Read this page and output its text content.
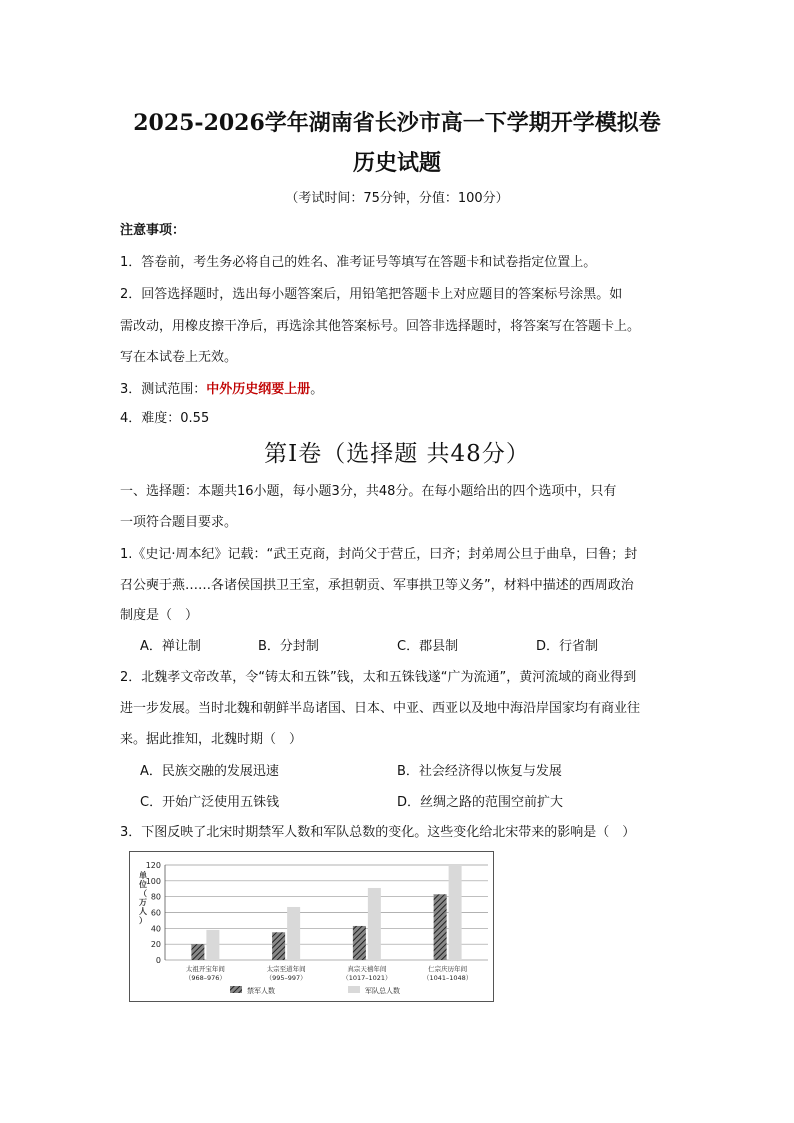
2025-2026学年湖南省长沙市高一下学期开学模拟卷
历史试题
（考试时间：75分钟，分值：100分）
注意事项：
1．答卷前，考生务必将自己的姓名、准考证号等填写在答题卡和试卷指定位置上。
2．回答选择题时，选出每小题答案后，用铅笔把答题卡上对应题目的答案标号涂黑。如
需改动，用橡皮擦干净后，再选涂其他答案标号。回答非选择题时，将答案写在答题卡上。
写在本试卷上无效。
3．测试范围：中外历史纲要上册。
4．难度：0.55
第Ⅰ卷（选择题 共48分）
一、选择题：本题共16小题，每小题3分，共48分。在每小题给出的四个选项中，只有
一项符合题目要求。
1.《史记·周本纪》记载：“武王克商，封尚父于营丘，曰齐；封弟周公旦于曲阜，曰鲁；封
召公奭于燕……各诸侯国拱卫王室，承担朝贡、军事拱卫等义务”，材料中描述的西周政治
制度是（　）
A．禅让制	B．分封制	C．郡县制	D．行省制
2．北魏孝文帝改革，令“铸太和五铢”钱，太和五铢钱遂“广为流通”，黄河流域的商业得到
进一步发展。当时北魏和朝鲜半岛诸国、日本、中亚、西亚以及地中海沿岸国家均有商业往
来。据此推知，北魏时期（　）
A．民族交融的发展迅速	B．社会经济得以恢复与发展
C．开始广泛使用五铢钱	D．丝绸之路的范围空前扩大
3．下图反映了北宋时期禁军人数和军队总数的变化。这些变化给北宋带来的影响是（　）
单位（万人）
0
20
40
60
80
100
120
太祖开宝年间
（968–976）
太宗至道年间
（995–997）
真宗天禧年间
（1017–1021）
仁宗庆历年间
（1041–1048）
禁军人数	军队总人数
